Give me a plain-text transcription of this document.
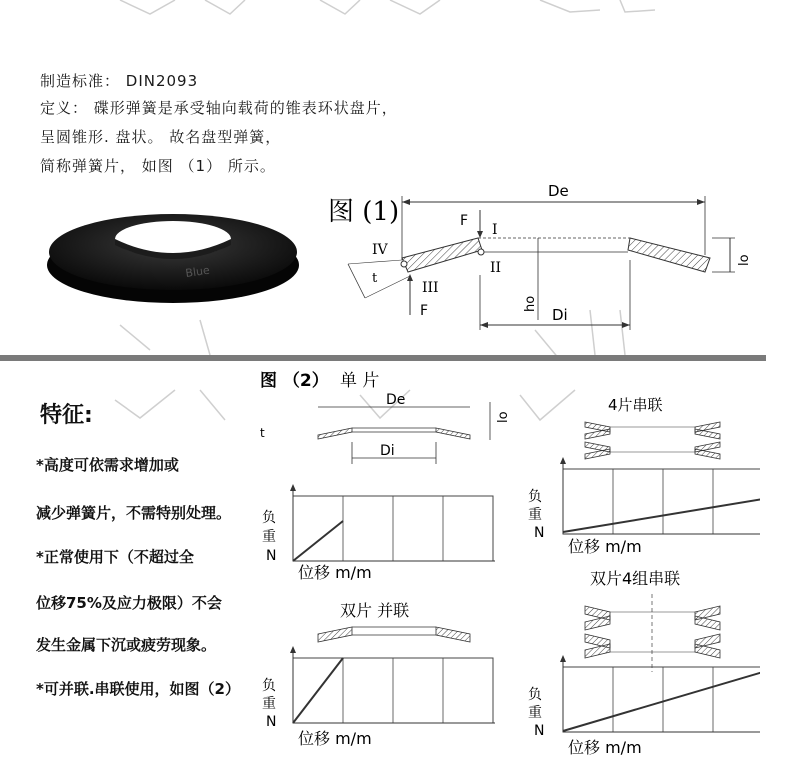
制造标准： DIN2093
定义： 碟形弹簧是承受轴向载荷的锥表环状盘片，
呈圆锥形. 盘状。 故名盘型弹簧，
简称弹簧片， 如图 （1） 所示。
Blue
图 (1)
De
lo
ho
Di
F
F
I
II
III
IV
t
特征:
*高度可依需求增加或
减少弹簧片，不需特别处理。
*正常使用下（不超过全
位移75%及应力极限）不会
发生金属下沉或疲劳现象。
*可并联.串联使用，如图（2）
图 （2） 单 片
De
Di
lo
t
负
重
N
位移 m/m
双片 并联
负
重
N
位移 m/m
4片串联
负
重
N
位移 m/m
双片4组串联
负
重
N
位移 m/m
